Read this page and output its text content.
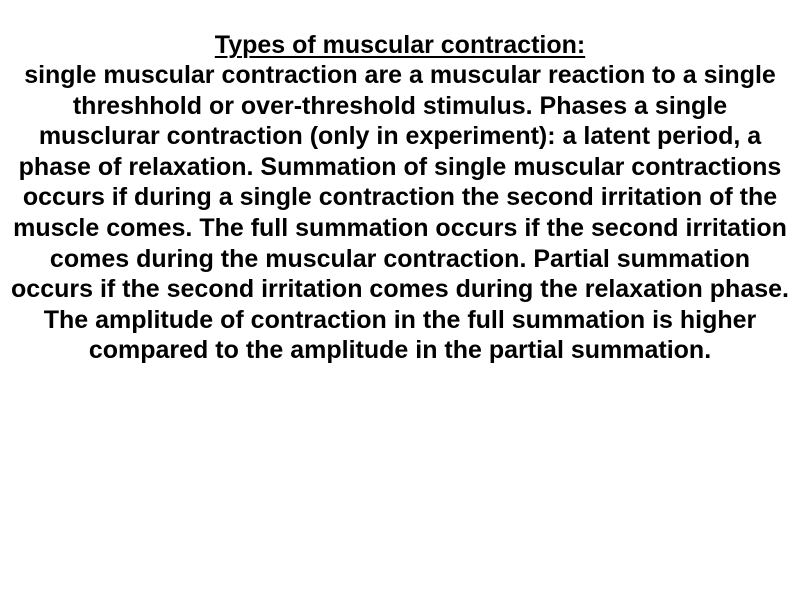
Types of muscular contraction:

single muscular contraction are a muscular reaction to a single threshhold or over-threshold stimulus. Phases a single musclurar contraction (only in experiment): a latent period, a phase of relaxation. Summation of single muscular contractions occurs if during a single contraction the second irritation of the muscle comes. The full summation occurs if the second irritation comes during the muscular contraction. Partial summation occurs if the second irritation comes during the relaxation phase. The amplitude of contraction in the full summation is higher compared to the amplitude in the partial summation.
